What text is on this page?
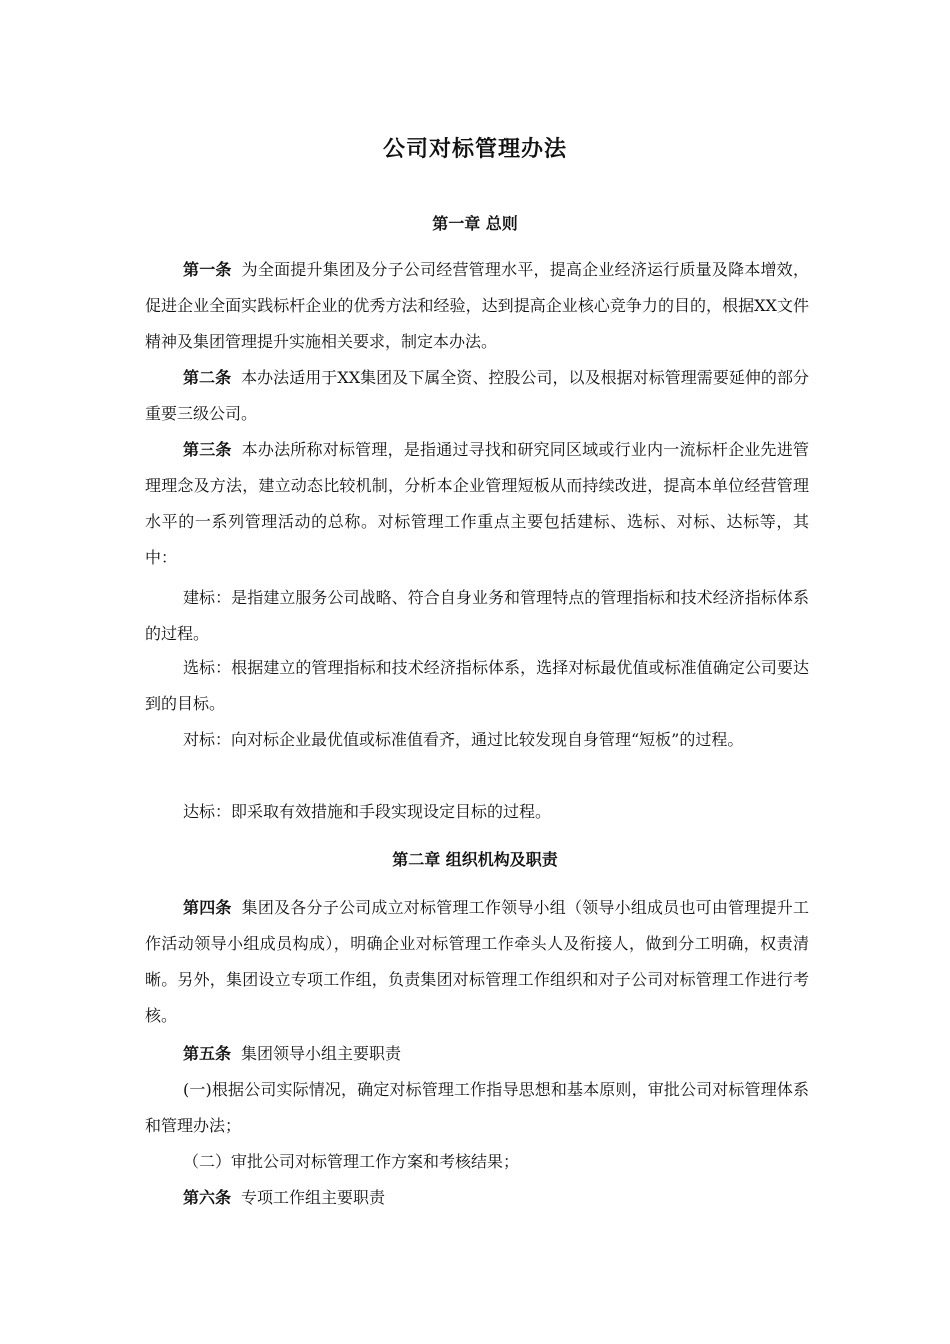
公司对标管理办法
第一章 总则
第一条 为全面提升集团及分子公司经营管理水平，提高企业经济运行质量及降本增效，促进企业全面实践标杆企业的优秀方法和经验，达到提高企业核心竞争力的目的，根据XX文件精神及集团管理提升实施相关要求，制定本办法。
第二条 本办法适用于XX集团及下属全资、控股公司，以及根据对标管理需要延伸的部分重要三级公司。
第三条 本办法所称对标管理，是指通过寻找和研究同区域或行业内一流标杆企业先进管理理念及方法，建立动态比较机制，分析本企业管理短板从而持续改进，提高本单位经营管理水平的一系列管理活动的总称。对标管理工作重点主要包括建标、选标、对标、达标等，其中：
建标：是指建立服务公司战略、符合自身业务和管理特点的管理指标和技术经济指标体系的过程。
选标：根据建立的管理指标和技术经济指标体系，选择对标最优值或标准值确定公司要达到的目标。
对标：向对标企业最优值或标准值看齐，通过比较发现自身管理“短板”的过程。
达标：即采取有效措施和手段实现设定目标的过程。
第二章 组织机构及职责
第四条 集团及各分子公司成立对标管理工作领导小组（领导小组成员也可由管理提升工作活动领导小组成员构成），明确企业对标管理工作牵头人及衔接人，做到分工明确，权责清晰。另外，集团设立专项工作组，负责集团对标管理工作组织和对子公司对标管理工作进行考核。
第五条 集团领导小组主要职责
(一)根据公司实际情况，确定对标管理工作指导思想和基本原则，审批公司对标管理体系和管理办法；
（二）审批公司对标管理工作方案和考核结果；
第六条 专项工作组主要职责
